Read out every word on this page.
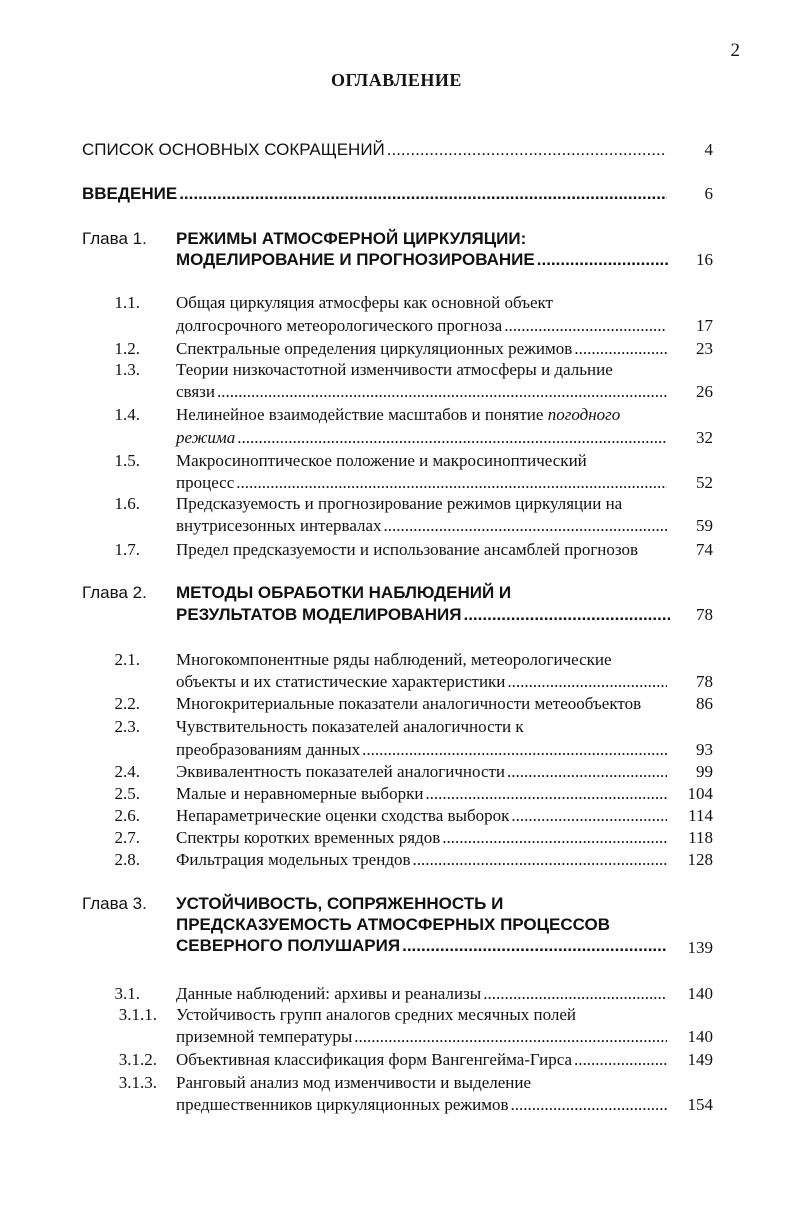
2
ОГЛАВЛЕНИЕ
СПИСОК ОСНОВНЫХ СОКРАЩЕНИЙ .....	4
ВВЕДЕНИЕ .....	6
Глава 1. РЕЖИМЫ АТМОСФЕРНОЙ ЦИРКУЛЯЦИИ:
МОДЕЛИРОВАНИЕ И ПРОГНОЗИРОВАНИЕ .....	16
1.1. Общая циркуляция атмосферы как основной объект
долгосрочного метеорологического прогноза .....	17
1.2. Спектральные определения циркуляционных режимов .....	23
1.3. Теории низкочастотной изменчивости атмосферы и дальние
связи .....	26
1.4. Нелинейное взаимодействие масштабов и понятие погодного
режима .....	32
1.5. Макросиноптическое положение и макросиноптический
процесс .....	52
1.6. Предсказуемость и прогнозирование режимов циркуляции на
внутрисезонных интервалах .....	59
1.7. Предел предсказуемости и использование ансамблей прогнозов	74
Глава 2. МЕТОДЫ ОБРАБОТКИ НАБЛЮДЕНИЙ И
РЕЗУЛЬТАТОВ МОДЕЛИРОВАНИЯ .....	78
2.1. Многокомпонентные ряды наблюдений, метеорологические
объекты и их статистические характеристики .....	78
2.2. Многокритериальные показатели аналогичности метеообъектов	86
2.3. Чувствительность показателей аналогичности к
преобразованиям данных .....	93
2.4. Эквивалентность показателей аналогичности .....	99
2.5. Малые и неравномерные выборки .....	104
2.6. Непараметрические оценки сходства выборок .....	114
2.7. Спектры коротких временных рядов .....	118
2.8. Фильтрация модельных трендов .....	128
Глава 3. УСТОЙЧИВОСТЬ, СОПРЯЖЕННОСТЬ И
ПРЕДСКАЗУЕМОСТЬ АТМОСФЕРНЫХ ПРОЦЕССОВ
СЕВЕРНОГО ПОЛУШАРИЯ .....	139
3.1. Данные наблюдений: архивы и реанализы .....	140
3.1.1. Устойчивость групп аналогов средних месячных полей
приземной температуры .....	140
3.1.2. Объективная классификация форм Вангенгейма-Гирса .....	149
3.1.3. Ранговый анализ мод изменчивости и выделение
предшественников циркуляционных режимов .....	154
